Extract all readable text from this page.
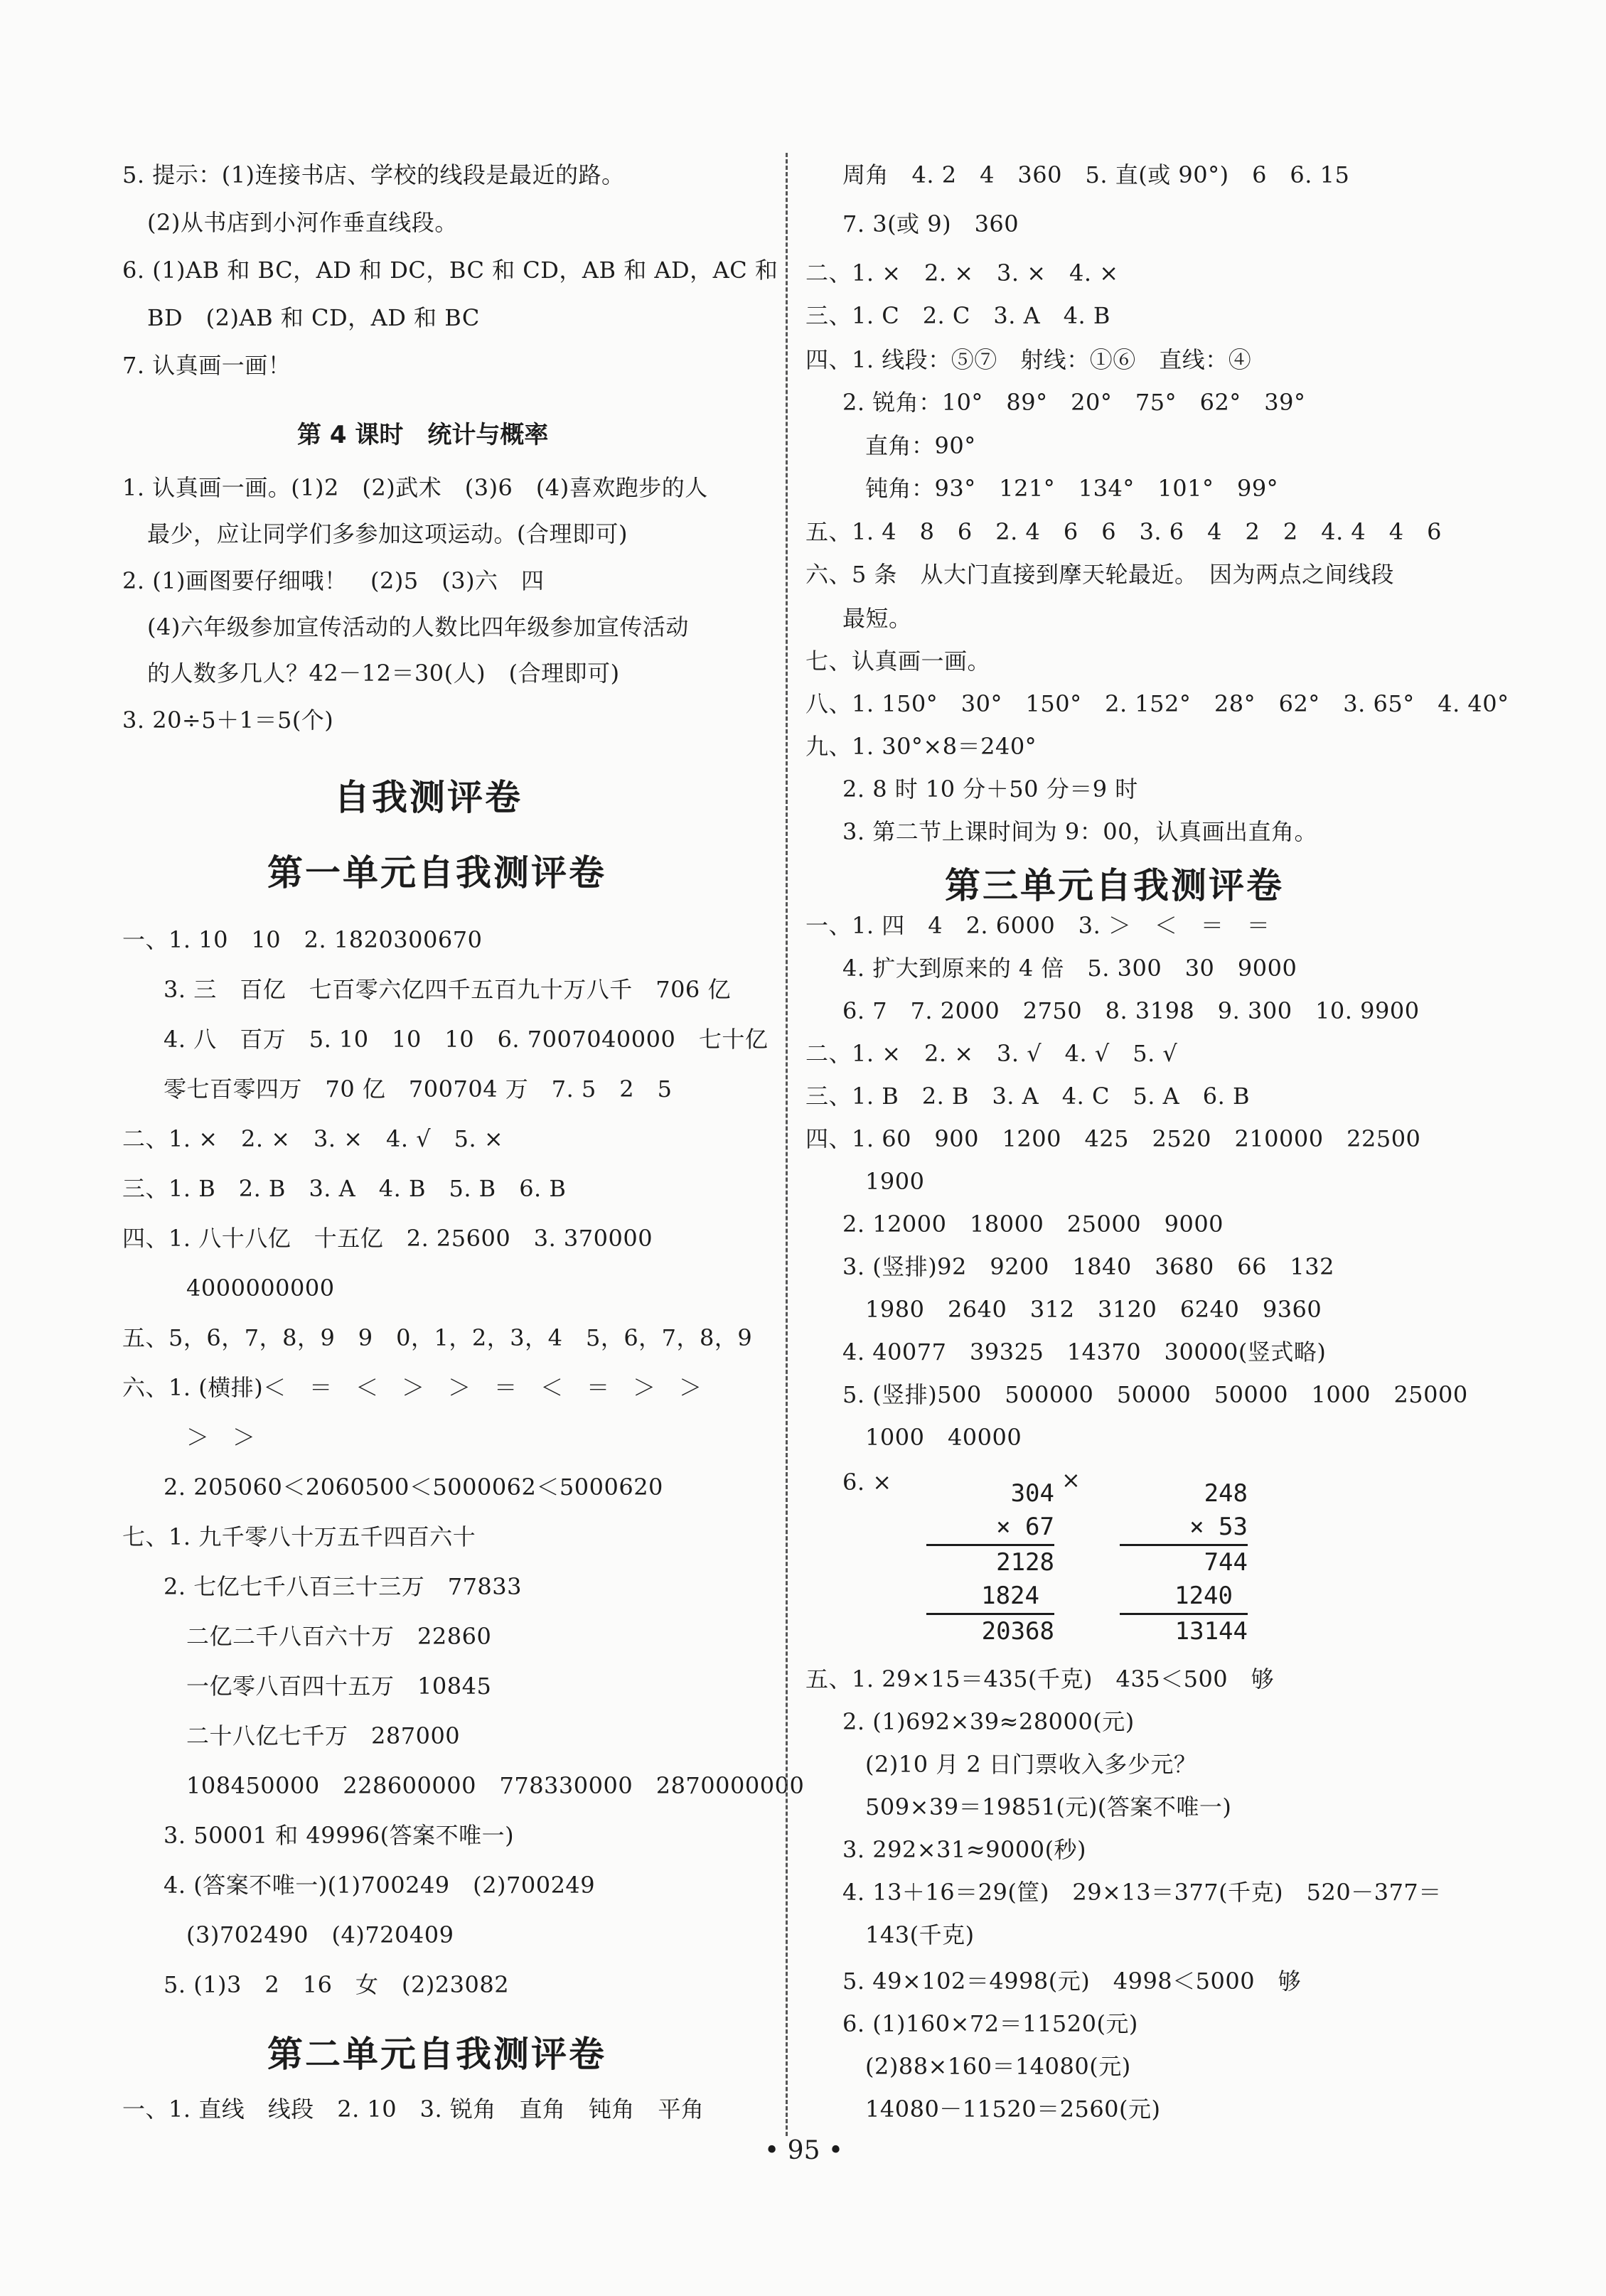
5. 提示：(1)连接书店、学校的线段是最近的路。
(2)从书店到小河作垂直线段。
6. (1)AB 和 BC，AD 和 DC，BC 和 CD，AB 和 AD，AC 和
BD　(2)AB 和 CD，AD 和 BC
7. 认真画一画！
第 4 课时　统计与概率
1. 认真画一画。(1)2　(2)武术　(3)6　(4)喜欢跑步的人
最少，应让同学们多参加这项运动。(合理即可)
2. (1)画图要仔细哦！　(2)5　(3)六　四
(4)六年级参加宣传活动的人数比四年级参加宣传活动
的人数多几人？42－12＝30(人)　(合理即可)
3. 20÷5＋1＝5(个)
自我测评卷
第一单元自我测评卷
一、1. 10　10　2. 1820300670
3. 三　百亿　七百零六亿四千五百九十万八千　706 亿
4. 八　百万　5. 10　10　10　6. 7007040000　七十亿
零七百零四万　70 亿　700704 万　7. 5　2　5
二、1. ×　2. ×　3. ×　4. √　5. ×
三、1. B　2. B　3. A　4. B　5. B　6. B
四、1. 八十八亿　十五亿　2. 25600　3. 370000
4000000000
五、5，6，7，8，9　9　0，1，2，3，4　5，6，7，8，9
六、1. (横排)＜　＝　＜　＞　＞　＝　＜　＝　＞　＞
＞　＞
2. 205060＜2060500＜5000062＜5000620
七、1. 九千零八十万五千四百六十
2. 七亿七千八百三十三万　77833
二亿二千八百六十万　22860
一亿零八百四十五万　10845
二十八亿七千万　287000
108450000　228600000　778330000　2870000000
3. 50001 和 49996(答案不唯一)
4. (答案不唯一)(1)700249　(2)700249
(3)702490　(4)720409
5. (1)3　2　16　女　(2)23082
第二单元自我测评卷
一、1. 直线　线段　2. 10　3. 锐角　直角　钝角　平角
周角　4. 2　4　360　5. 直(或 90°)　6　6. 15
7. 3(或 9)　360
二、1. ×　2. ×　3. ×　4. ×
三、1. C　2. C　3. A　4. B
四、1. 线段：⑤⑦　射线：①⑥　直线：④
2. 锐角：10°　89°　20°　75°　62°　39°
直角：90°
钝角：93°　121°　134°　101°　99°
五、1. 4　8　6　2. 4　6　6　3. 6　4　2　2　4. 4　4　6
六、5 条　从大门直接到摩天轮最近。　因为两点之间线段
最短。
七、认真画一画。
八、1. 150°　30°　150°　2. 152°　28°　62°　3. 65°　4. 40°
九、1. 30°×8＝240°
2. 8 时 10 分＋50 分＝9 时
3. 第二节上课时间为 9：00，认真画出直角。
第三单元自我测评卷
一、1. 四　4　2. 6000　3. ＞　＜　＝　＝
4. 扩大到原来的 4 倍　5. 300　30　9000
6. 7　7. 2000　2750　8. 3198　9. 300　10. 9900
二、1. ×　2. ×　3. √　4. √　5. √
三、1. B　2. B　3. A　4. C　5. A　6. B
四、1. 60　900　1200　425　2520　210000　22500
1900
2. 12000　18000　25000　9000
3. (竖排)92　9200　1840　3680　66　132
1980　2640　312　3120　6240　9360
4. 40077　39325　14370　30000(竖式略)
5. (竖排)500　500000　50000　50000　1000　25000
1000　40000
6. ×	×
304
× 67
2128
1824
20368
248
× 53
744
1240
13144
五、1. 29×15＝435(千克)　435＜500　够
2. (1)692×39≈28000(元)
(2)10 月 2 日门票收入多少元？
509×39＝19851(元)(答案不唯一)
3. 292×31≈9000(秒)
4. 13＋16＝29(筐)　29×13＝377(千克)　520－377＝
143(千克)
5. 49×102＝4998(元)　4998＜5000　够
6. (1)160×72＝11520(元)
(2)88×160＝14080(元)
14080－11520＝2560(元)
• 95 •
